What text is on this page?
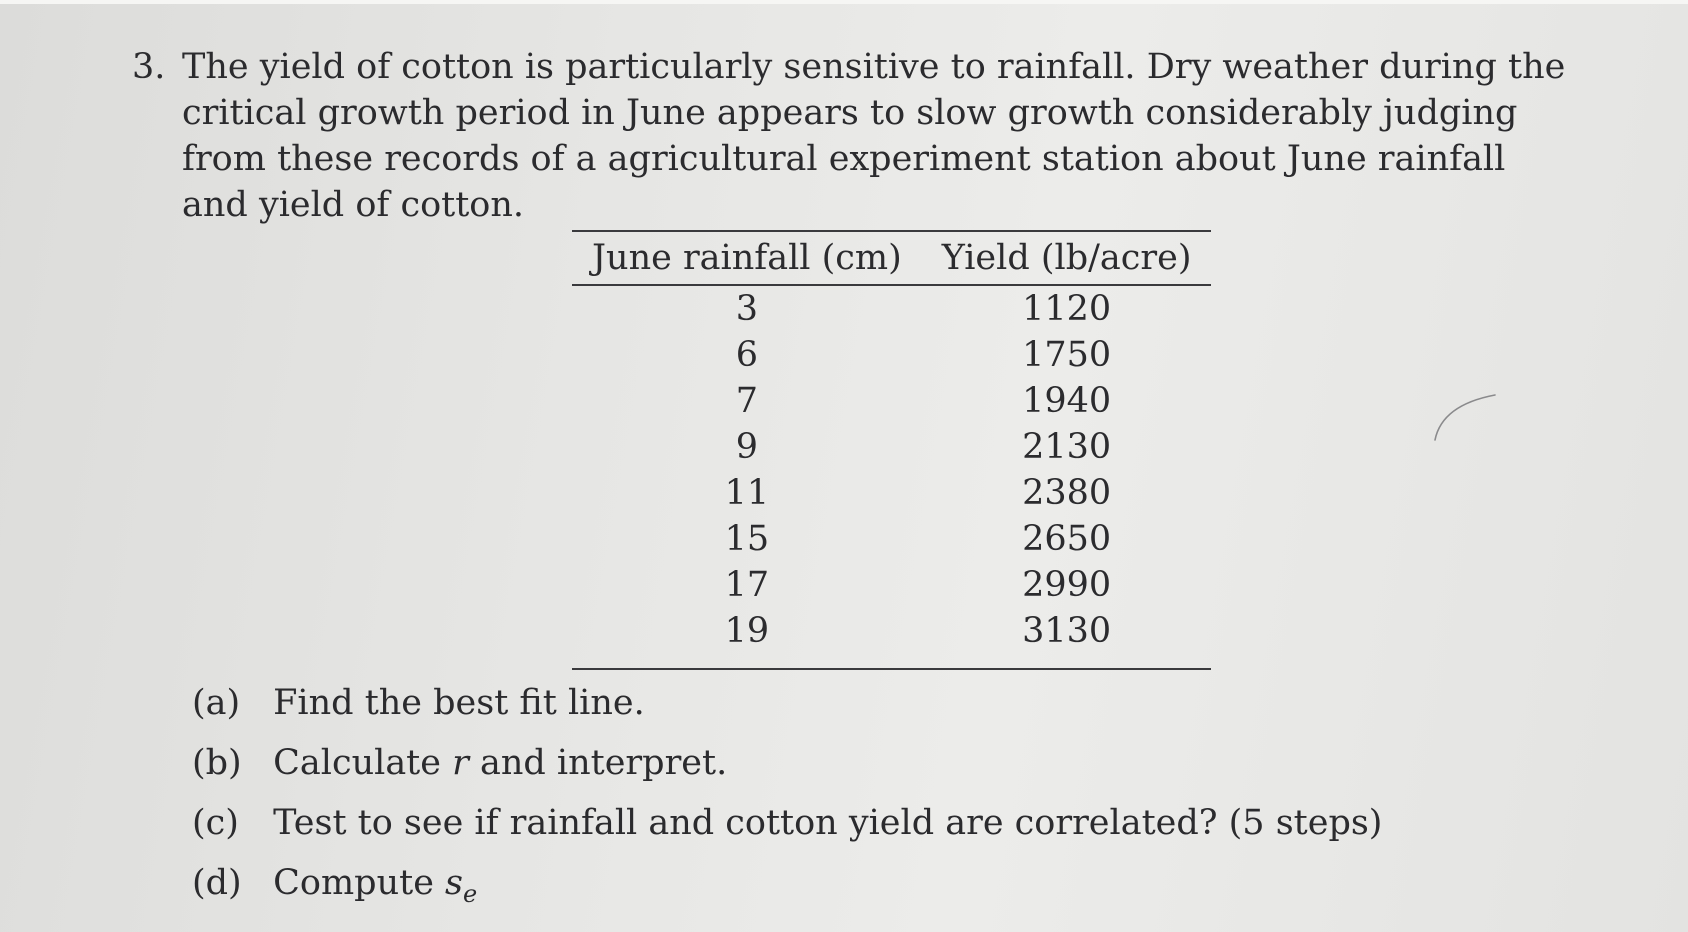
3. The yield of cotton is particularly sensitive to rainfall. Dry weather during the critical growth period in June appears to slow growth considerably judging from these records of a agricultural experiment station about June rainfall and yield of cotton.
June rainfall (cm)	Yield (lb/acre)
3	1120
6	1750
7	1940
9	2130
11	2380
15	2650
17	2990
19	3130
(a) Find the best fit line.
(b) Calculate r and interpret.
(c) Test to see if rainfall and cotton yield are correlated? (5 steps)
(d) Compute $s_e$
